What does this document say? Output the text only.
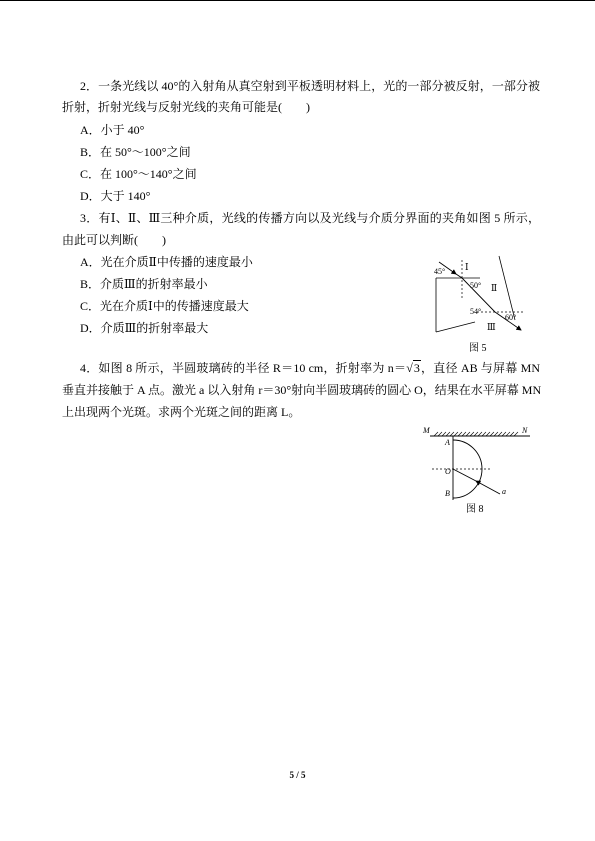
2．一条光线以 40°的入射角从真空射到平板透明材料上，光的一部分被反射，一部分被
折射，折射光线与反射光线的夹角可能是(　　)
A．小于 40°
B．在 50°～100°之间
C．在 100°～140°之间
D．大于 140°
3．有Ⅰ、Ⅱ、Ⅲ三种介质，光线的传播方向以及光线与介质分界面的夹角如图 5 所示，
由此可以判断(　　)
A．光在介质Ⅱ中传播的速度最小
B．介质Ⅲ的折射率最小
C．光在介质Ⅰ中的传播速度最大
D．介质Ⅲ的折射率最大
45° Ⅰ
50° Ⅱ
54°
Ⅲ
60°
图 5
4．如图 8 所示，半圆玻璃砖的半径 R＝10 cm，折射率为 n＝√3，直径 AB 与屏幕 MN
垂直并接触于 A 点。激光 a 以入射角 r＝30°射向半圆玻璃砖的圆心 O，结果在水平屏幕 MN
上出现两个光斑。求两个光斑之间的距离 L。
M	N
A
O
B	a
图 8
5 / 5
